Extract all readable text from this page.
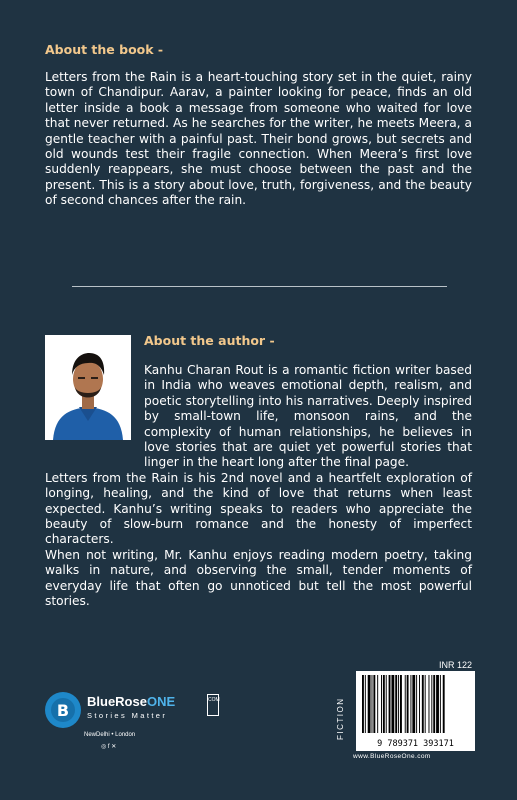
About the book -

Letters from the Rain is a heart-touching story set in the quiet, rainy town of Chandipur. Aarav, a painter looking for peace, finds an old letter inside a book a message from someone who waited for love that never returned. As he searches for the writer, he meets Meera, a gentle teacher with a painful past. Their bond grows, but secrets and old wounds test their fragile connection. When Meera’s first love suddenly reappears, she must choose between the past and the present. This is a story about love, truth, forgiveness, and the beauty of second chances after the rain.

About the author -

Kanhu Charan Rout is a romantic fiction writer based in India who weaves emotional depth, realism, and poetic storytelling into his narratives. Deeply inspired by small-town life, monsoon rains, and the complexity of human relationships, he believes in love stories that are quiet yet powerful stories that linger in the heart long after the final page.

Letters from the Rain is his 2nd novel and a heartfelt exploration of longing, healing, and the kind of love that returns when least expected. Kanhu’s writing speaks to readers who appreciate the beauty of slow-burn romance and the honesty of imperfect characters.

When not writing, Mr. Kanhu enjoys reading modern poetry, taking walks in nature, and observing the small, tender moments of everyday life that often go unnoticed but tell the most powerful stories.

B BlueRoseONE	COM
Stories Matter
NewDelhi • London
◎ f ✕
INR 122
FICTION
9 789371 393171
www.BlueRoseOne.com
